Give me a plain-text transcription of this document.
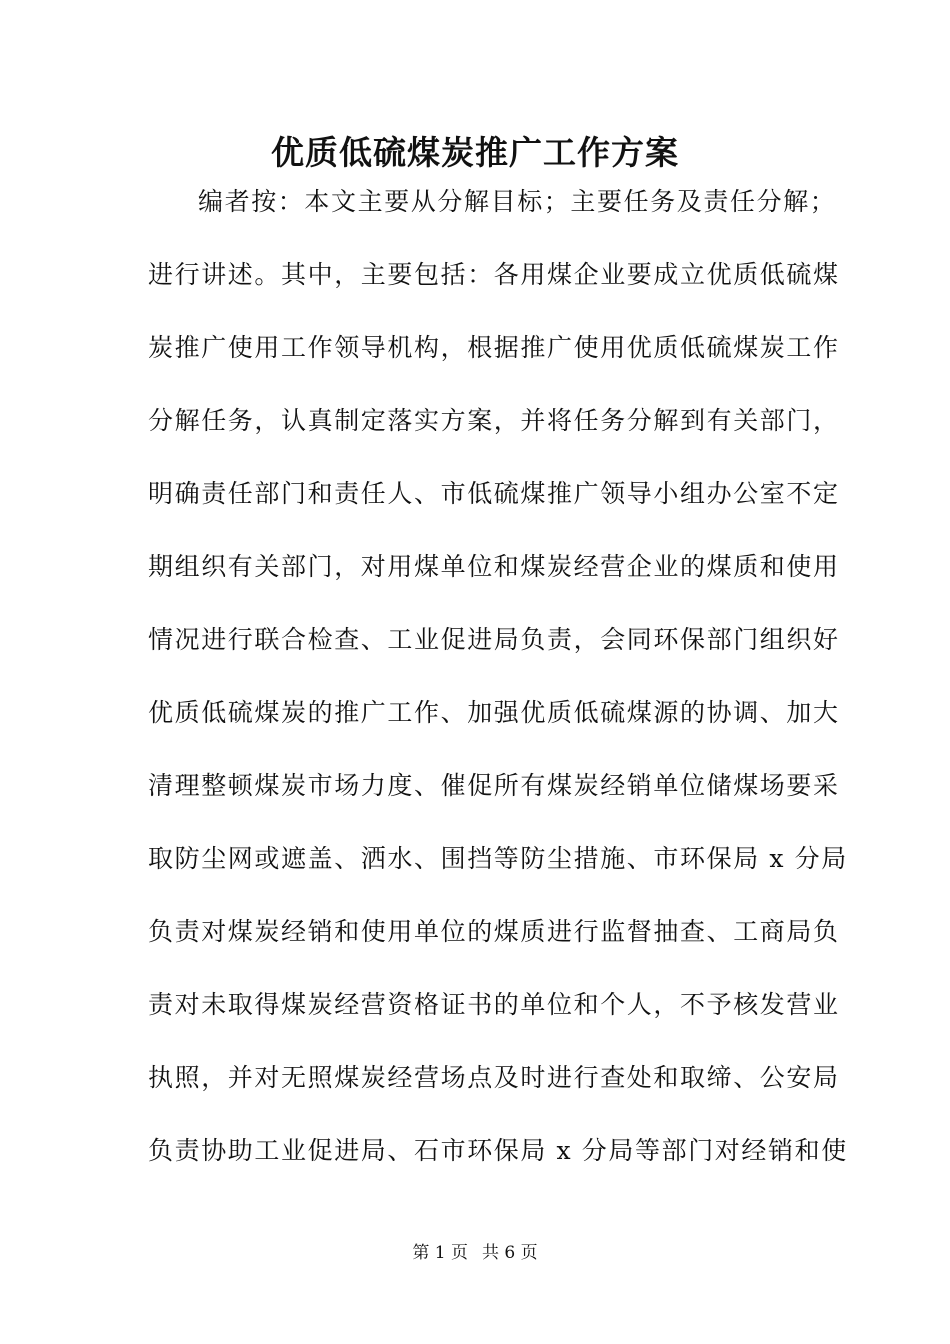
优质低硫煤炭推广工作方案
编者按：本文主要从分解目标；主要任务及责任分解；
进行讲述。其中，主要包括：各用煤企业要成立优质低硫煤
炭推广使用工作领导机构，根据推广使用优质低硫煤炭工作
分解任务，认真制定落实方案，并将任务分解到有关部门，
明确责任部门和责任人、市低硫煤推广领导小组办公室不定
期组织有关部门，对用煤单位和煤炭经营企业的煤质和使用
情况进行联合检查、工业促进局负责，会同环保部门组织好
优质低硫煤炭的推广工作、加强优质低硫煤源的协调、加大
清理整顿煤炭市场力度、催促所有煤炭经销单位储煤场要采
取防尘网或遮盖、洒水、围挡等防尘措施、市环保局 x 分局
负责对煤炭经销和使用单位的煤质进行监督抽查、工商局负
责对未取得煤炭经营资格证书的单位和个人，不予核发营业
执照，并对无照煤炭经营场点及时进行查处和取缔、公安局
负责协助工业促进局、石市环保局 x 分局等部门对经销和使
第 1 页 共 6 页
